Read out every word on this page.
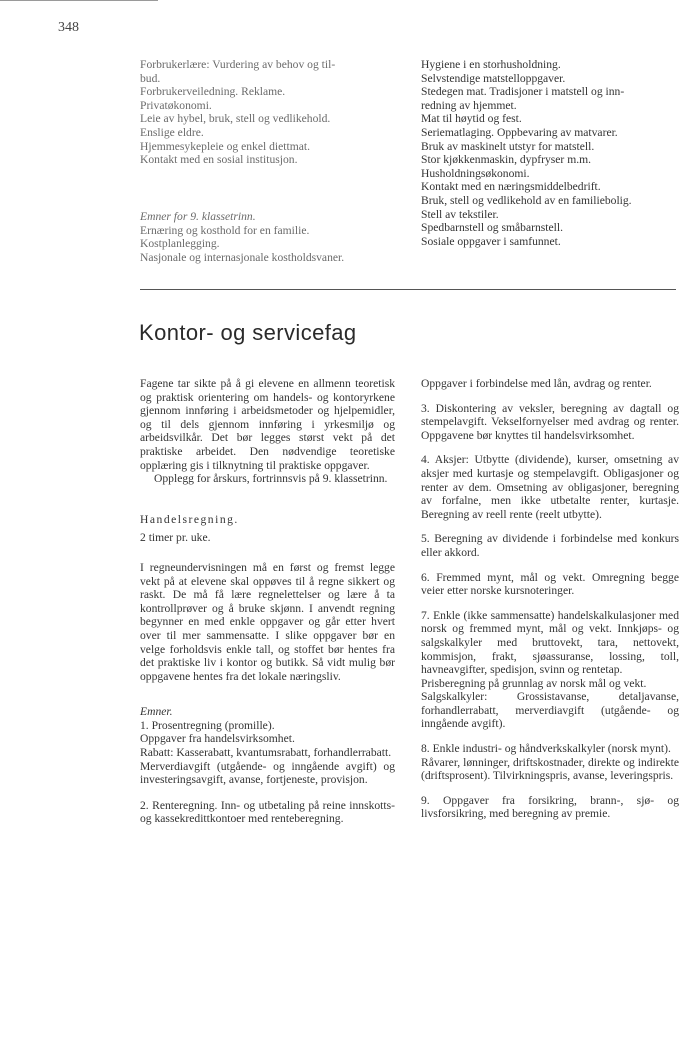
348

Forbrukerlære: Vurdering av behov og til-

bud.

Forbrukerveiledning. Reklame.

Privatøkonomi.

Leie av hybel, bruk, stell og vedlikehold.

Enslige eldre.

Hjemmesykepleie og enkel diettmat.

Kontakt med en sosial institusjon.

Emner for 9. klassetrinn.

Ernæring og kosthold for en familie.

Kostplanlegging.

Nasjonale og internasjonale kostholdsvaner.

Hygiene i en storhusholdning.

Selvstendige matstelloppgaver.

Stedegen mat. Tradisjoner i matstell og inn-

redning av hjemmet.

Mat til høytid og fest.

Seriematlaging. Oppbevaring av matvarer.

Bruk av maskinelt utstyr for matstell.

Stor kjøkkenmaskin, dypfryser m.m.

Husholdningsøkonomi.

Kontakt med en næringsmiddelbedrift.

Bruk, stell og vedlikehold av en familiebolig.

Stell av tekstiler.

Spedbarnstell og småbarnstell.

Sosiale oppgaver i samfunnet.

Kontor- og servicefag

Fagene tar sikte på å gi elevene en allmenn teoretisk og praktisk orientering om handels- og kontoryrkene gjennom innføring i arbeidsmetoder og hjelpemidler, og til dels gjennom innføring i yrkesmiljø og arbeidsvilkår. Det bør legges størst vekt på det praktiske arbeidet. Den nødvendige teoretiske opplæring gis i tilknytning til praktiske oppgaver.

Opplegg for årskurs, fortrinnsvis på 9. klassetrinn.

Handelsregning.

2 timer pr. uke.

I regneundervisningen må en først og fremst legge vekt på at elevene skal oppøves til å regne sikkert og raskt. De må få lære regnelettelser og lære å ta kontrollprøver og å bruke skjønn. I anvendt regning begynner en med enkle oppgaver og går etter hvert over til mer sammensatte. I slike oppgaver bør en velge forholdsvis enkle tall, og stoffet bør hentes fra det praktiske liv i kontor og butikk. Så vidt mulig bør oppgavene hentes fra det lokale næringsliv.

Emner.

1. Prosentregning (promille).

Oppgaver fra handelsvirksomhet.

Rabatt: Kasserabatt, kvantumsrabatt, forhandlerrabatt.

Merverdiavgift (utgående- og inngående avgift) og investeringsavgift, avanse, fortjeneste, provisjon.

2. Renteregning. Inn- og utbetaling på reine innskotts- og kassekredittkontoer med renteberegning.

Oppgaver i forbindelse med lån, avdrag og renter.

3. Diskontering av veksler, beregning av dagtall og stempelavgift. Vekselfornyelser med avdrag og renter. Oppgavene bør knyttes til handelsvirksomhet.

4. Aksjer: Utbytte (dividende), kurser, omsetning av aksjer med kurtasje og stempelavgift. Obligasjoner og renter av dem. Omsetning av obligasjoner, beregning av forfalne, men ikke utbetalte renter, kurtasje. Beregning av reell rente (reelt utbytte).

5. Beregning av dividende i forbindelse med konkurs eller akkord.

6. Fremmed mynt, mål og vekt. Omregning begge veier etter norske kursnoteringer.

7. Enkle (ikke sammensatte) handelskalkulasjoner med norsk og fremmed mynt, mål og vekt. Innkjøps- og salgskalkyler med bruttovekt, tara, nettovekt, kommisjon, frakt, sjøassuranse, lossing, toll, havneavgifter, spedisjon, svinn og rentetap.

Prisberegning på grunnlag av norsk mål og vekt.

Salgskalkyler: Grossistavanse, detaljavanse, forhandlerrabatt, merverdiavgift (utgående- og inngående avgift).

8. Enkle industri- og håndverkskalkyler (norsk mynt).

Råvarer, lønninger, driftskostnader, direkte og indirekte (driftsprosent). Tilvirkningspris, avanse, leveringspris.

9. Oppgaver fra forsikring, brann-, sjø- og livsforsikring, med beregning av premie.
